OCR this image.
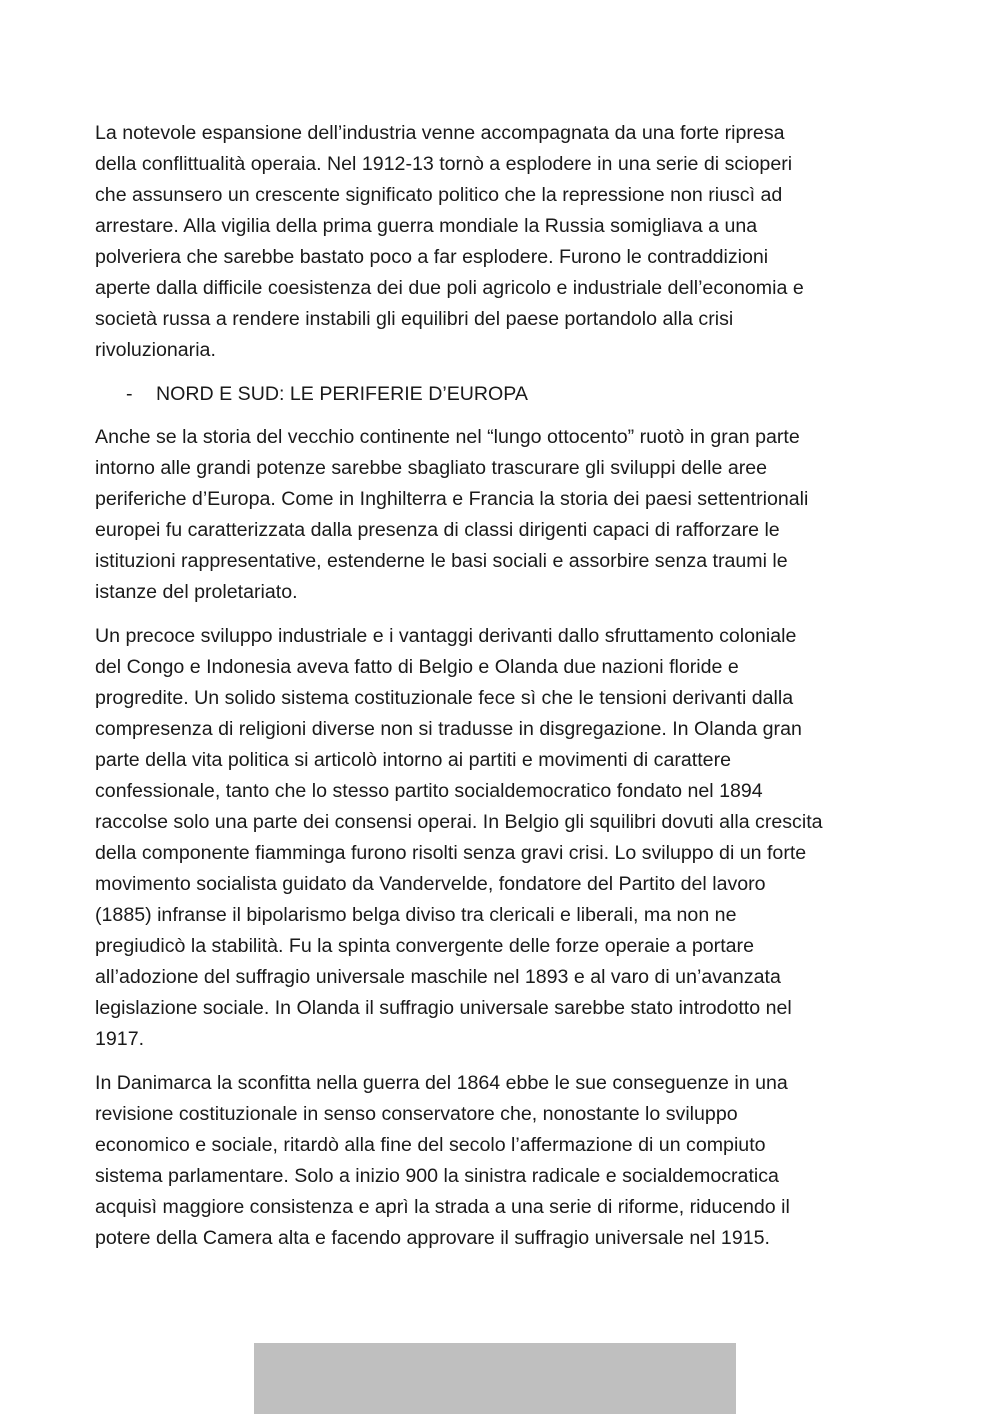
La notevole espansione dell’industria venne accompagnata da una forte ripresa
della conflittualità operaia. Nel 1912-13 tornò a esplodere in una serie di scioperi
che assunsero un crescente significato politico che la repressione non riuscì ad
arrestare. Alla vigilia della prima guerra mondiale la Russia somigliava a una
polveriera che sarebbe bastato poco a far esplodere. Furono le contraddizioni
aperte dalla difficile coesistenza dei due poli agricolo e industriale dell’economia e
società russa a rendere instabili gli equilibri del paese portandolo alla crisi
rivoluzionaria.
- NORD E SUD: LE PERIFERIE D’EUROPA
Anche se la storia del vecchio continente nel “lungo ottocento” ruotò in gran parte
intorno alle grandi potenze sarebbe sbagliato trascurare gli sviluppi delle aree
periferiche d’Europa. Come in Inghilterra e Francia la storia dei paesi settentrionali
europei fu caratterizzata dalla presenza di classi dirigenti capaci di rafforzare le
istituzioni rappresentative, estenderne le basi sociali e assorbire senza traumi le
istanze del proletariato.
Un precoce sviluppo industriale e i vantaggi derivanti dallo sfruttamento coloniale
del Congo e Indonesia aveva fatto di Belgio e Olanda due nazioni floride e
progredite. Un solido sistema costituzionale fece sì che le tensioni derivanti dalla
compresenza di religioni diverse non si tradusse in disgregazione. In Olanda gran
parte della vita politica si articolò intorno ai partiti e movimenti di carattere
confessionale, tanto che lo stesso partito socialdemocratico fondato nel 1894
raccolse solo una parte dei consensi operai. In Belgio gli squilibri dovuti alla crescita
della componente fiamminga furono risolti senza gravi crisi. Lo sviluppo di un forte
movimento socialista guidato da Vandervelde, fondatore del Partito del lavoro
(1885) infranse il bipolarismo belga diviso tra clericali e liberali, ma non ne
pregiudicò la stabilità. Fu la spinta convergente delle forze operaie a portare
all’adozione del suffragio universale maschile nel 1893 e al varo di un’avanzata
legislazione sociale. In Olanda il suffragio universale sarebbe stato introdotto nel
1917.
In Danimarca la sconfitta nella guerra del 1864 ebbe le sue conseguenze in una
revisione costituzionale in senso conservatore che, nonostante lo sviluppo
economico e sociale, ritardò alla fine del secolo l’affermazione di un compiuto
sistema parlamentare. Solo a inizio 900 la sinistra radicale e socialdemocratica
acquisì maggiore consistenza e aprì la strada a una serie di riforme, riducendo il
potere della Camera alta e facendo approvare il suffragio universale nel 1915.
